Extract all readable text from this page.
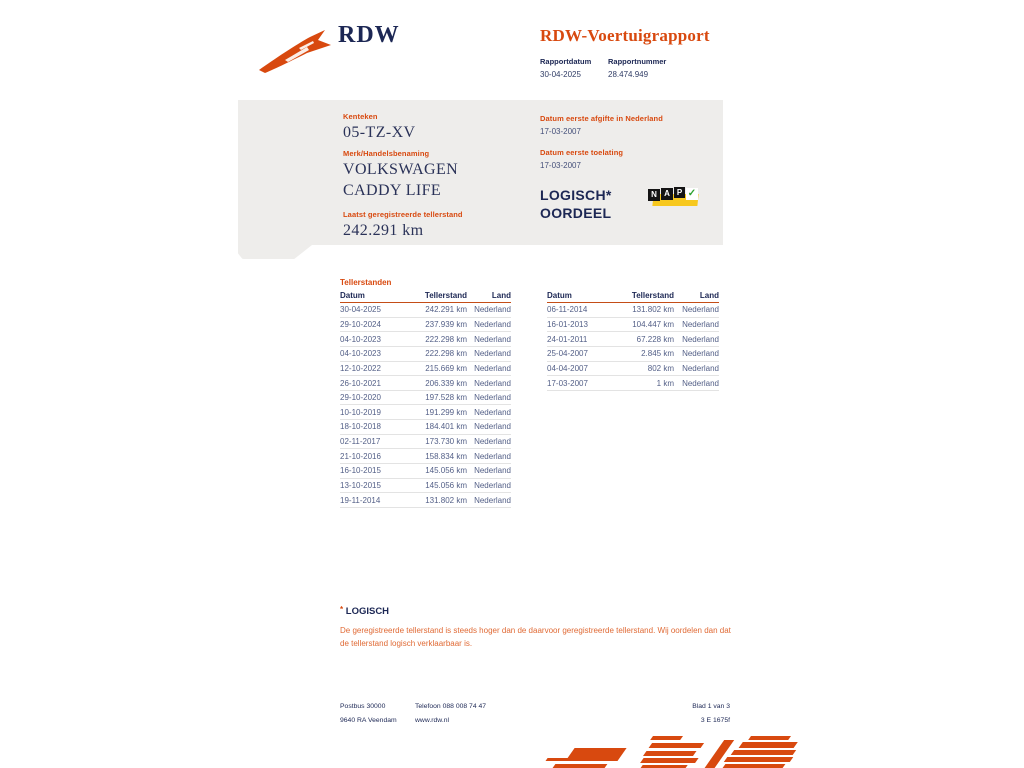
RDW	RDW-Voertuigrapport
Rapportdatum
30-04-2025
Rapportnummer
28.474.949
Kenteken
05-TZ-XV
Merk/Handelsbenaming
VOLKSWAGEN
CADDY LIFE
Laatst geregistreerde tellerstand
242.291 km
Datum eerste afgifte in Nederland
17-03-2007
Datum eerste toelating
17-03-2007
LOGISCH*
OORDEEL
N A P ✓
Tellerstanden
Datum	Tellerstand	Land
30-04-2025	242.291 km Nederland
29-10-2024	237.939 km Nederland
04-10-2023	222.298 km Nederland
04-10-2023	222.298 km Nederland
12-10-2022	215.669 km Nederland
26-10-2021	206.339 km Nederland
29-10-2020	197.528 km Nederland
10-10-2019	191.299 km Nederland
18-10-2018	184.401 km Nederland
02-11-2017	173.730 km Nederland
21-10-2016	158.834 km Nederland
16-10-2015	145.056 km Nederland
13-10-2015	145.056 km Nederland
19-11-2014	131.802 km Nederland
Datum	Tellerstand	Land
06-11-2014	131.802 km	Nederland
16-01-2013	104.447 km	Nederland
24-01-2011	67.228 km	Nederland
25-04-2007	2.845 km	Nederland
04-04-2007	802 km	Nederland
17-03-2007	1 km	Nederland
* LOGISCH
De geregistreerde tellerstand is steeds hoger dan de daarvoor geregistreerde tellerstand. Wij oordelen dan dat de tellerstand logisch verklaarbaar is.
Postbus 30000
9640 RA Veendam
Telefoon 088 008 74 47
www.rdw.nl
Blad 1 van 3
3 E 1675f
